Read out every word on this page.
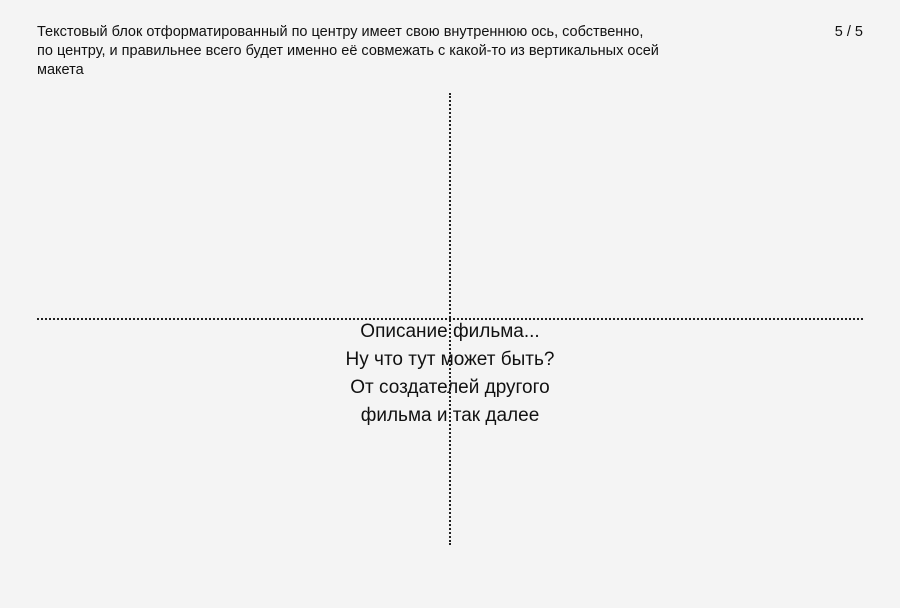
Текстовый блок отформатированный по центру имеет свою внутреннюю ось, собственно,
по центру, и правильнее всего будет именно её совмежать с какой-то из вертикальных осей
макета
5 / 5
Описание фильма...
Ну что тут может быть?
От создателей другого
фильма и так далее
